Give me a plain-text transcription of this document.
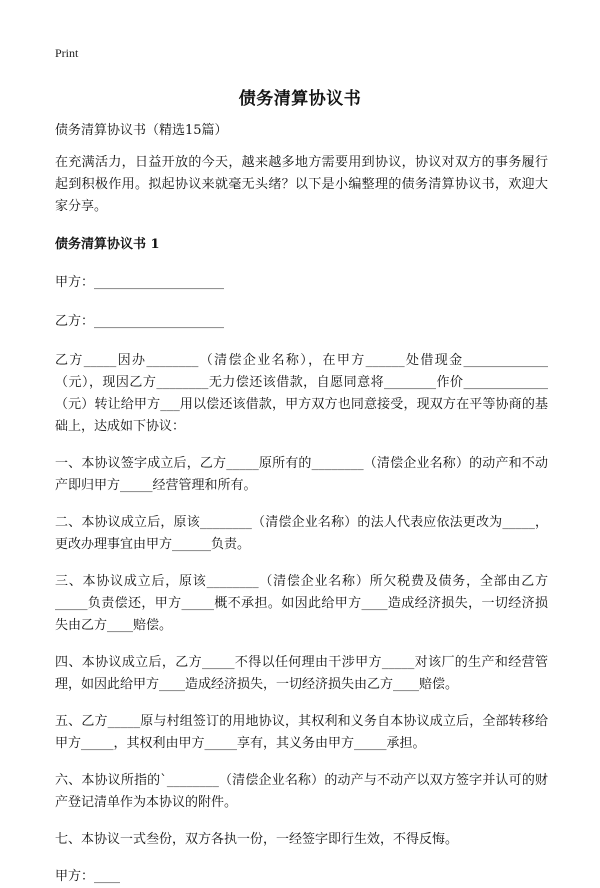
Print
债务清算协议书

债务清算协议书（精选15篇）

在充满活力，日益开放的今天，越来越多地方需要用到协议，协议对双方的事务履行起到积极作用。拟起协议来就毫无头绪？以下是小编整理的债务清算协议书，欢迎大家分享。

债务清算协议书 1

甲方：____________________

乙方：____________________

乙方_____因办________（清偿企业名称），在甲方______处借现金_____________（元），现因乙方________无力偿还该借款，自愿同意将________作价_____________（元）转让给甲方___用以偿还该借款，甲方双方也同意接受，现双方在平等协商的基础上，达成如下协议：

一、本协议签字成立后，乙方_____原所有的________（清偿企业名称）的动产和不动产即归甲方_____经营管理和所有。

二、本协议成立后，原该________（清偿企业名称）的法人代表应依法更改为_____，更改办理事宜由甲方______负责。

三、本协议成立后，原该________（清偿企业名称）所欠税费及债务，全部由乙方_____负责偿还，甲方_____概不承担。如因此给甲方____造成经济损失，一切经济损失由乙方____赔偿。

四、本协议成立后，乙方_____不得以任何理由干涉甲方_____对该厂的生产和经营管理，如因此给甲方____造成经济损失，一切经济损失由乙方____赔偿。

五、乙方_____原与村组签订的用地协议，其权利和义务自本协议成立后，全部转移给甲方_____，其权利由甲方_____享有，其义务由甲方_____承担。

六、本协议所指的`________（清偿企业名称）的动产与不动产以双方签字并认可的财产登记清单作为本协议的附件。

七、本协议一式叁份，双方各执一份，一经签字即行生效，不得反悔。

甲方：____
